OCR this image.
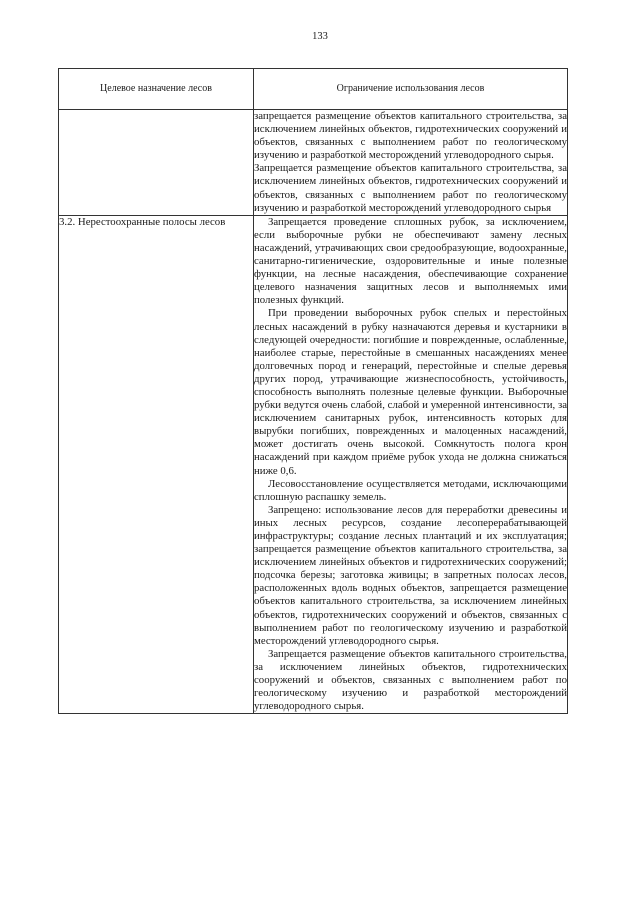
133
Целевое назначение лесов	Ограничение использования лесов

	запрещается размещение объектов капитального строительства, за исключением линейных объектов, гидротехнических сооружений и объектов, связанных с выполнением работ по геологическому изучению и разработкой месторождений углеводородного сырья.

Запрещается размещение объектов капитального строительства, за исключением линейных объектов, гидротехнических сооружений и объектов, связанных с выполнением работ по геологическому изучению и разработкой месторождений углеводородного сырья

3.2. Нерестоохранные полосы лесов	Запрещается проведение сплошных рубок, за исключением, если выборочные рубки не обеспечивают замену лесных насаждений, утрачивающих свои средообразующие, водоохранные, санитарно-гигиенические, оздоровительные и иные полезные функции, на лесные насаждения, обеспечивающие сохранение целевого назначения защитных лесов и выполняемых ими полезных функций.

При проведении выборочных рубок спелых и перестойных лесных насаждений в рубку назначаются деревья и кустарники в следующей очередности: погибшие и поврежденные, ослабленные, наиболее старые, перестойные в смешанных насаждениях менее долговечных пород и генераций, перестойные и спелые деревья других пород, утрачивающие жизнеспособность, устойчивость, способность выполнять полезные целевые функции. Выборочные рубки ведутся очень слабой, слабой и умеренной интенсивности, за исключением санитарных рубок, интенсивность которых для вырубки погибших, поврежденных и малоценных насаждений, может достигать очень высокой. Сомкнутость полога крон насаждений при каждом приёме рубок ухода не должна снижаться ниже 0,6.

Лесовосстановление осуществляется методами, исключающими сплошную распашку земель.

Запрещено: использование лесов для переработки древесины и иных лесных ресурсов, создание лесоперерабатывающей инфраструктуры; создание лесных плантаций и их эксплуатация; запрещается размещение объектов капитального строительства, за исключением линейных объектов и гидротехнических сооружений; подсочка березы; заготовка живицы; в запретных полосах лесов, расположенных вдоль водных объектов, запрещается размещение объектов капитального строительства, за исключением линейных объектов, гидротехнических сооружений и объектов, связанных с выполнением работ по геологическому изучению и разработкой месторождений углеводородного сырья.

Запрещается размещение объектов капитального строительства, за исключением линейных объектов, гидротехнических сооружений и объектов, связанных с выполнением работ по геологическому изучению и разработкой месторождений углеводородного сырья.
